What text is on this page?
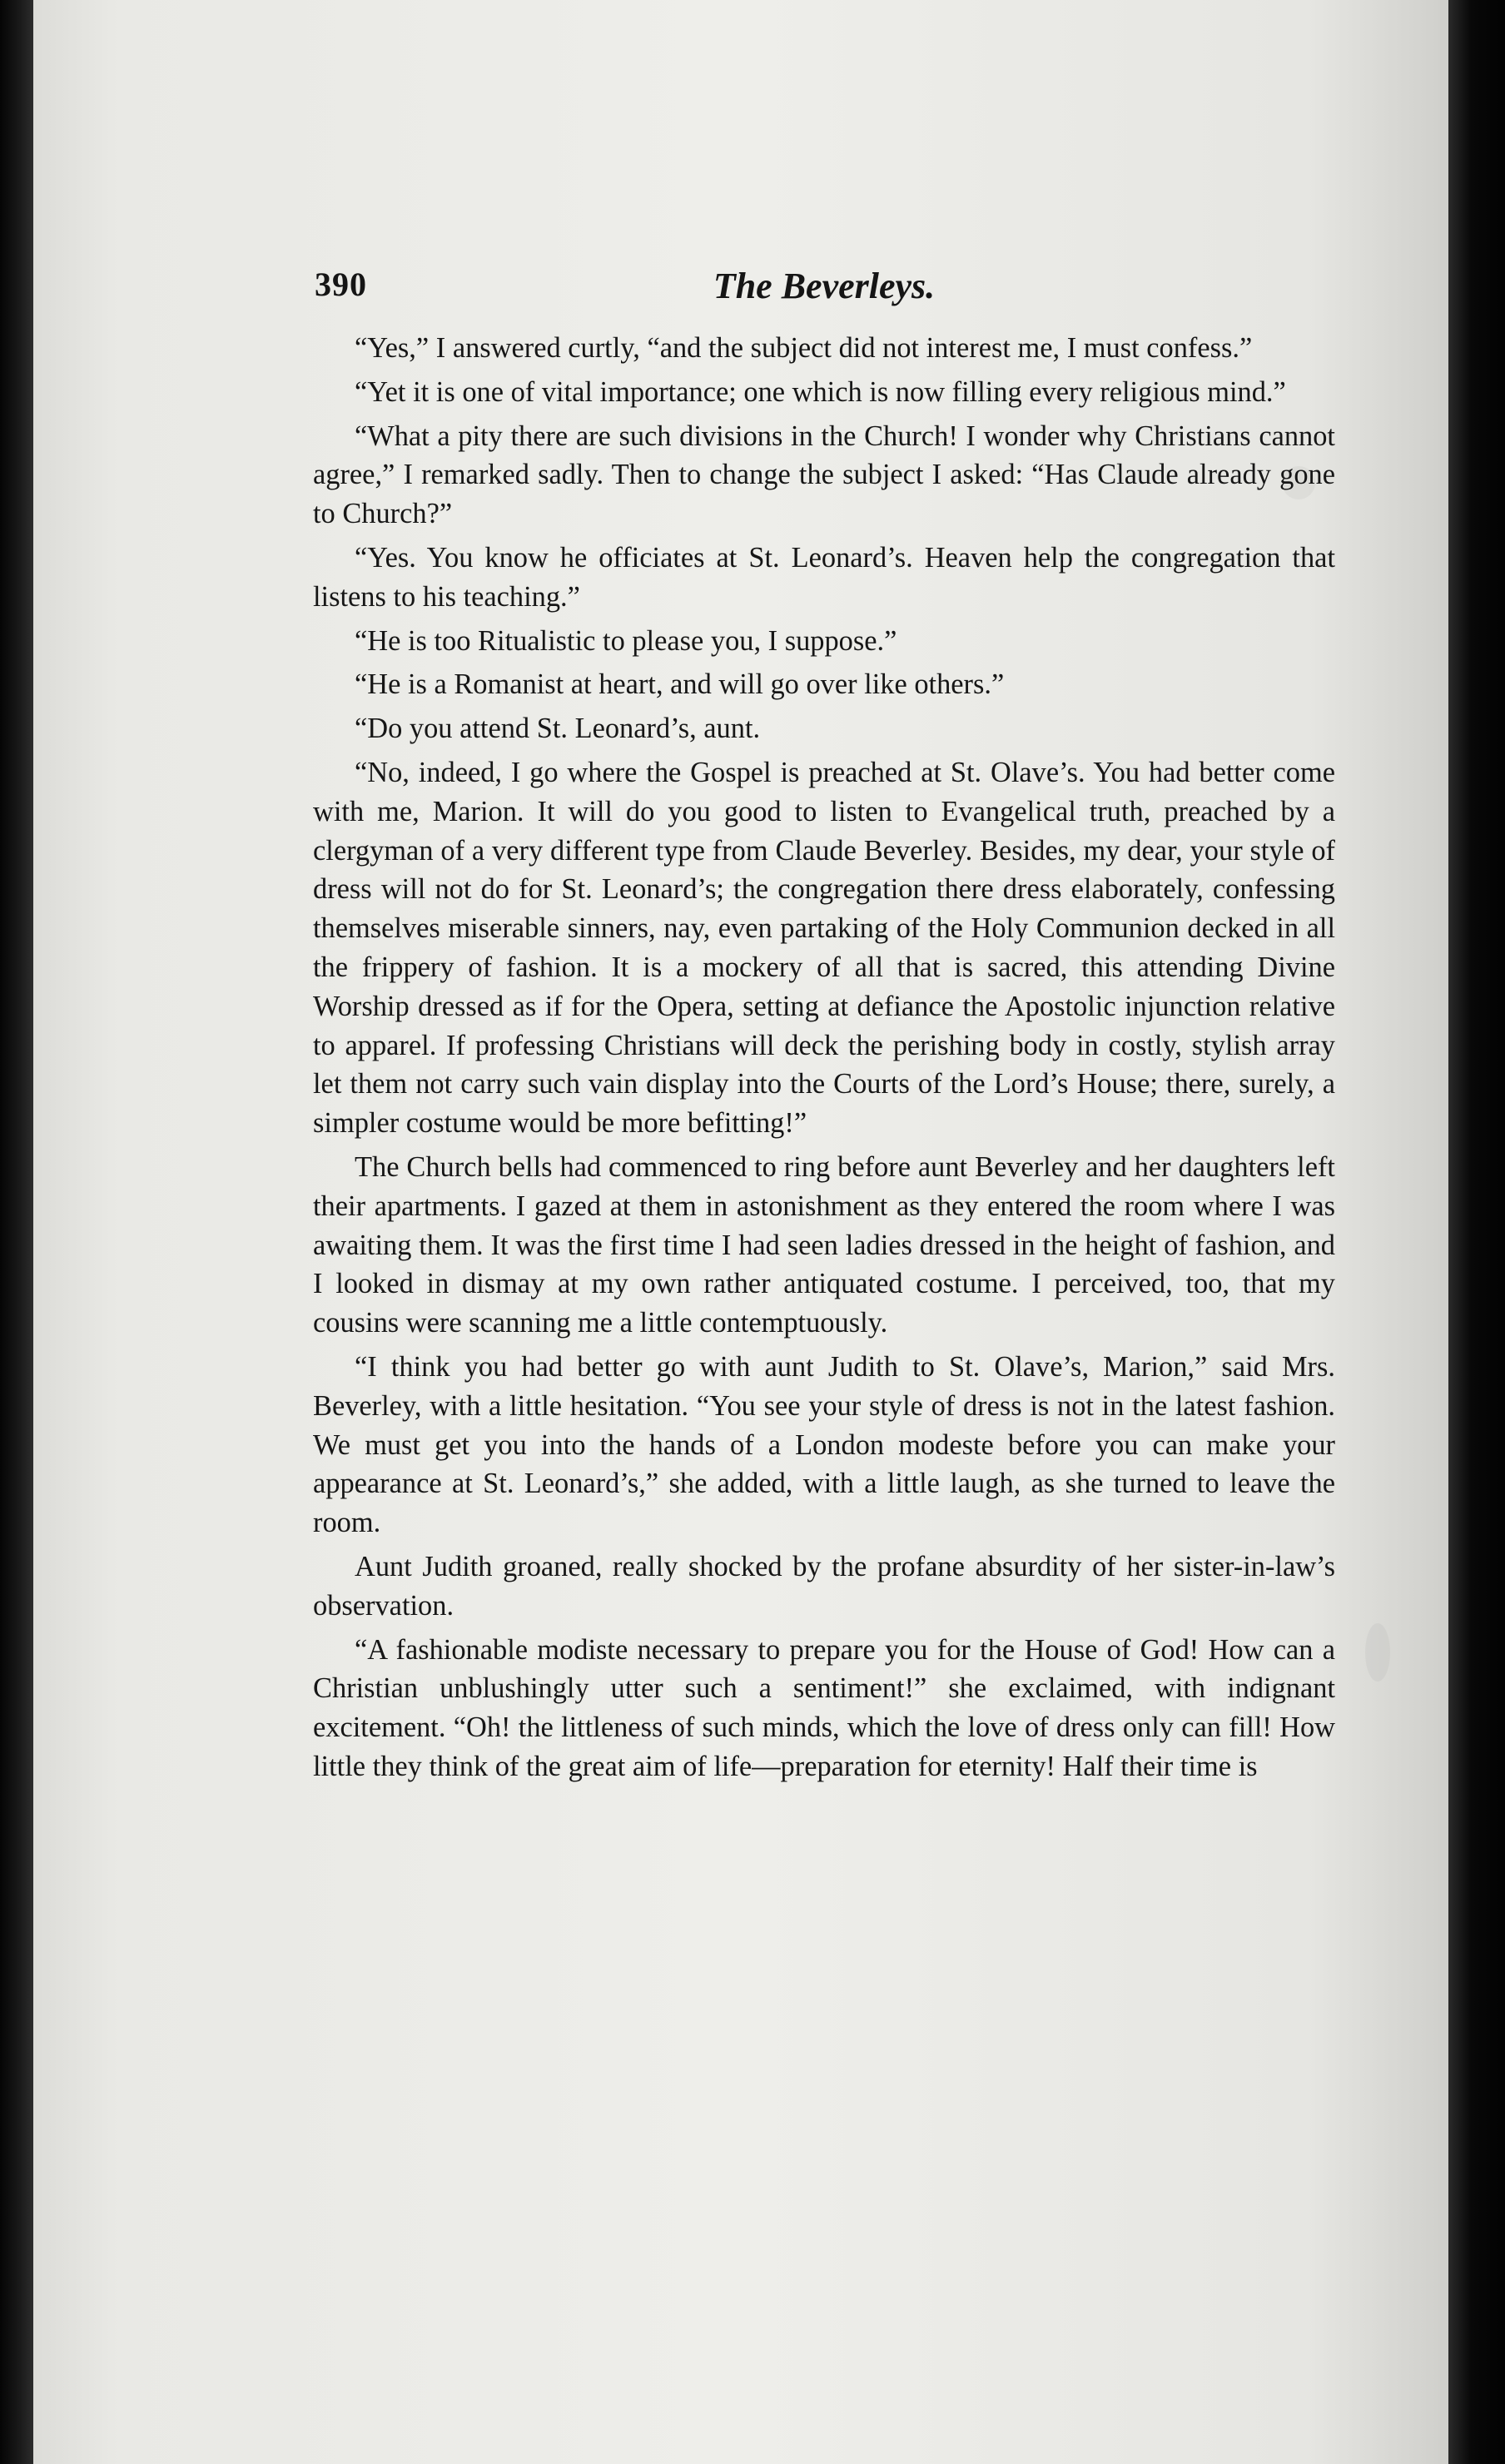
390	The Beverleys.

“Yes,” I answered curtly, “and the subject did not interest me, I must confess.”

“Yet it is one of vital importance; one which is now filling every religious mind.”

“What a pity there are such divisions in the Church! I wonder why Christians cannot agree,” I remarked sadly. Then to change the subject I asked: “Has Claude already gone to Church?”

“Yes. You know he officiates at St. Leonard’s. Heaven help the congregation that listens to his teaching.”

“He is too Ritualistic to please you, I suppose.”

“He is a Romanist at heart, and will go over like others.”

“Do you attend St. Leonard’s, aunt.

“No, indeed, I go where the Gospel is preached at St. Olave’s. You had better come with me, Marion. It will do you good to listen to Evangelical truth, preached by a clergyman of a very different type from Claude Beverley. Besides, my dear, your style of dress will not do for St. Leonard’s; the congregation there dress elaborately, confessing themselves miserable sinners, nay, even partaking of the Holy Communion decked in all the frippery of fashion. It is a mockery of all that is sacred, this attending Divine Worship dressed as if for the Opera, setting at defiance the Apostolic injunction relative to apparel. If professing Christians will deck the perishing body in costly, stylish array let them not carry such vain display into the Courts of the Lord’s House; there, surely, a simpler costume would be more befitting!”

The Church bells had commenced to ring before aunt Beverley and her daughters left their apartments. I gazed at them in astonishment as they entered the room where I was awaiting them. It was the first time I had seen ladies dressed in the height of fashion, and I looked in dismay at my own rather antiquated costume. I perceived, too, that my cousins were scanning me a little contemptuously.

“I think you had better go with aunt Judith to St. Olave’s, Marion,” said Mrs. Beverley, with a little hesitation. “You see your style of dress is not in the latest fashion. We must get you into the hands of a London modeste before you can make your appearance at St. Leonard’s,” she added, with a little laugh, as she turned to leave the room.

Aunt Judith groaned, really shocked by the profane absurdity of her sister-in-law’s observation.

“A fashionable modiste necessary to prepare you for the House of God! How can a Christian unblushingly utter such a sentiment!” she exclaimed, with indignant excitement. “Oh! the littleness of such minds, which the love of dress only can fill! How little they think of the great aim of life—preparation for eternity! Half their time is
